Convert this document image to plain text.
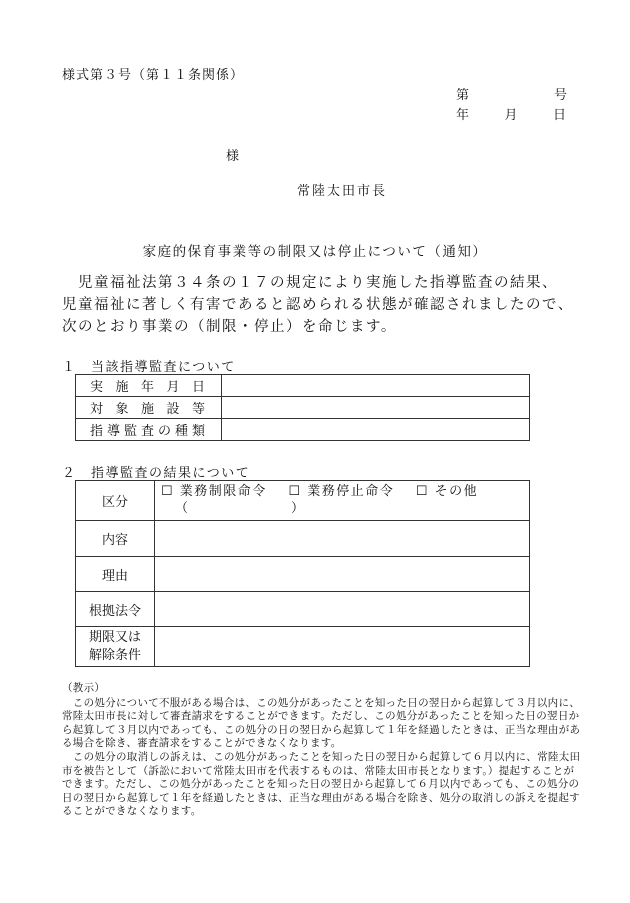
様式第３号（第１１条関係）
第	号
年	月	日
様
常陸太田市長
家庭的保育事業等の制限又は停止について（通知）

　児童福祉法第３４条の１７の規定により実施した指導監査の結果、

児童福祉に著しく有害であると認められる状態が確認されましたので、

次のとおり事業の（制限・停止）を命じます。

１　当該指導監査について
実施年月日	
対象施設等	
指導監査の種類	
２　指導監査の結果について
区分	☐ 業務制限命令 ☐ 業務停止命令 ☐ その他
（　　　　　　　）

内容	
理由	
根拠法令	

期限又は
解除条件	

（教示）

　この処分について不服がある場合は、この処分があったことを知った日の翌日から起算して３月以内に、常陸太田市長に対して審査請求をすることができます。ただし、この処分があったことを知った日の翌日から起算して３月以内であっても、この処分の日の翌日から起算して１年を経過したときは、正当な理由がある場合を除き、審査請求をすることができなくなります。

　この処分の取消しの訴えは、この処分があったことを知った日の翌日から起算して６月以内に、常陸太田市を被告として（訴訟において常陸太田市を代表するものは、常陸太田市長となります。）提起することができます。ただし、この処分があったことを知った日の翌日から起算して６月以内であっても、この処分の日の翌日から起算して１年を経過したときは、正当な理由がある場合を除き、処分の取消しの訴えを提起することができなくなります。
